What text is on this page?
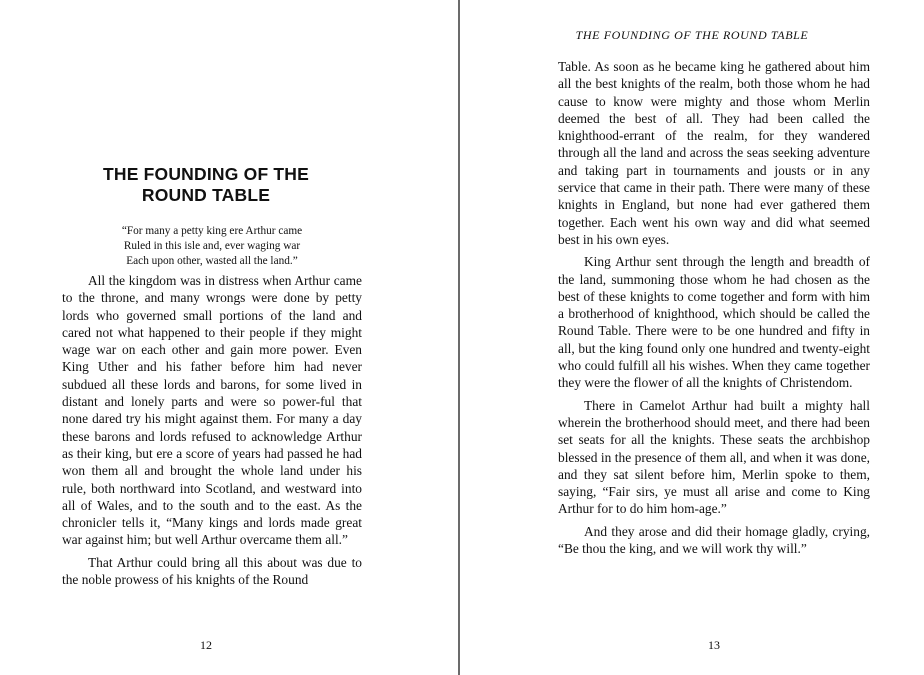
THE FOUNDING OF THE
ROUND TABLE
“For many a petty king ere Arthur came
Ruled in this isle and, ever waging war
Each upon other, wasted all the land.”

All the kingdom was in distress when Arthur came to the throne, and many wrongs were done by petty lords who governed small portions of the land and cared not what happened to their people if they might wage war on each other and gain more power. Even King Uther and his father before him had never subdued all these lords and barons, for some lived in distant and lonely parts and were so power-ful that none dared try his might against them. For many a day these barons and lords refused to acknowledge Arthur as their king, but ere a score of years had passed he had won them all and brought the whole land under his rule, both northward into Scotland, and westward into all of Wales, and to the south and to the east. As the chronicler tells it, “Many kings and lords made great war against him; but well Arthur overcame them all.”

That Arthur could bring all this about was due to the noble prowess of his knights of the Round

12
THE FOUNDING OF THE ROUND TABLE

Table. As soon as he became king he gathered about him all the best knights of the realm, both those whom he had cause to know were mighty and those whom Merlin deemed the best of all. They had been called the knighthood-errant of the realm, for they wandered through all the land and across the seas seeking adventure and taking part in tournaments and jousts or in any service that came in their path. There were many of these knights in England, but none had ever gathered them together. Each went his own way and did what seemed best in his own eyes.

King Arthur sent through the length and breadth of the land, summoning those whom he had chosen as the best of these knights to come together and form with him a brotherhood of knighthood, which should be called the Round Table. There were to be one hundred and fifty in all, but the king found only one hundred and twenty-eight who could fulfill all his wishes. When they came together they were the flower of all the knights of Christendom.

There in Camelot Arthur had built a mighty hall wherein the brotherhood should meet, and there had been set seats for all the knights. These seats the archbishop blessed in the presence of them all, and when it was done, and they sat silent before him, Merlin spoke to them, saying, “Fair sirs, ye must all arise and come to King Arthur for to do him hom-age.”

And they arose and did their homage gladly, crying, “Be thou the king, and we will work thy will.”

13
